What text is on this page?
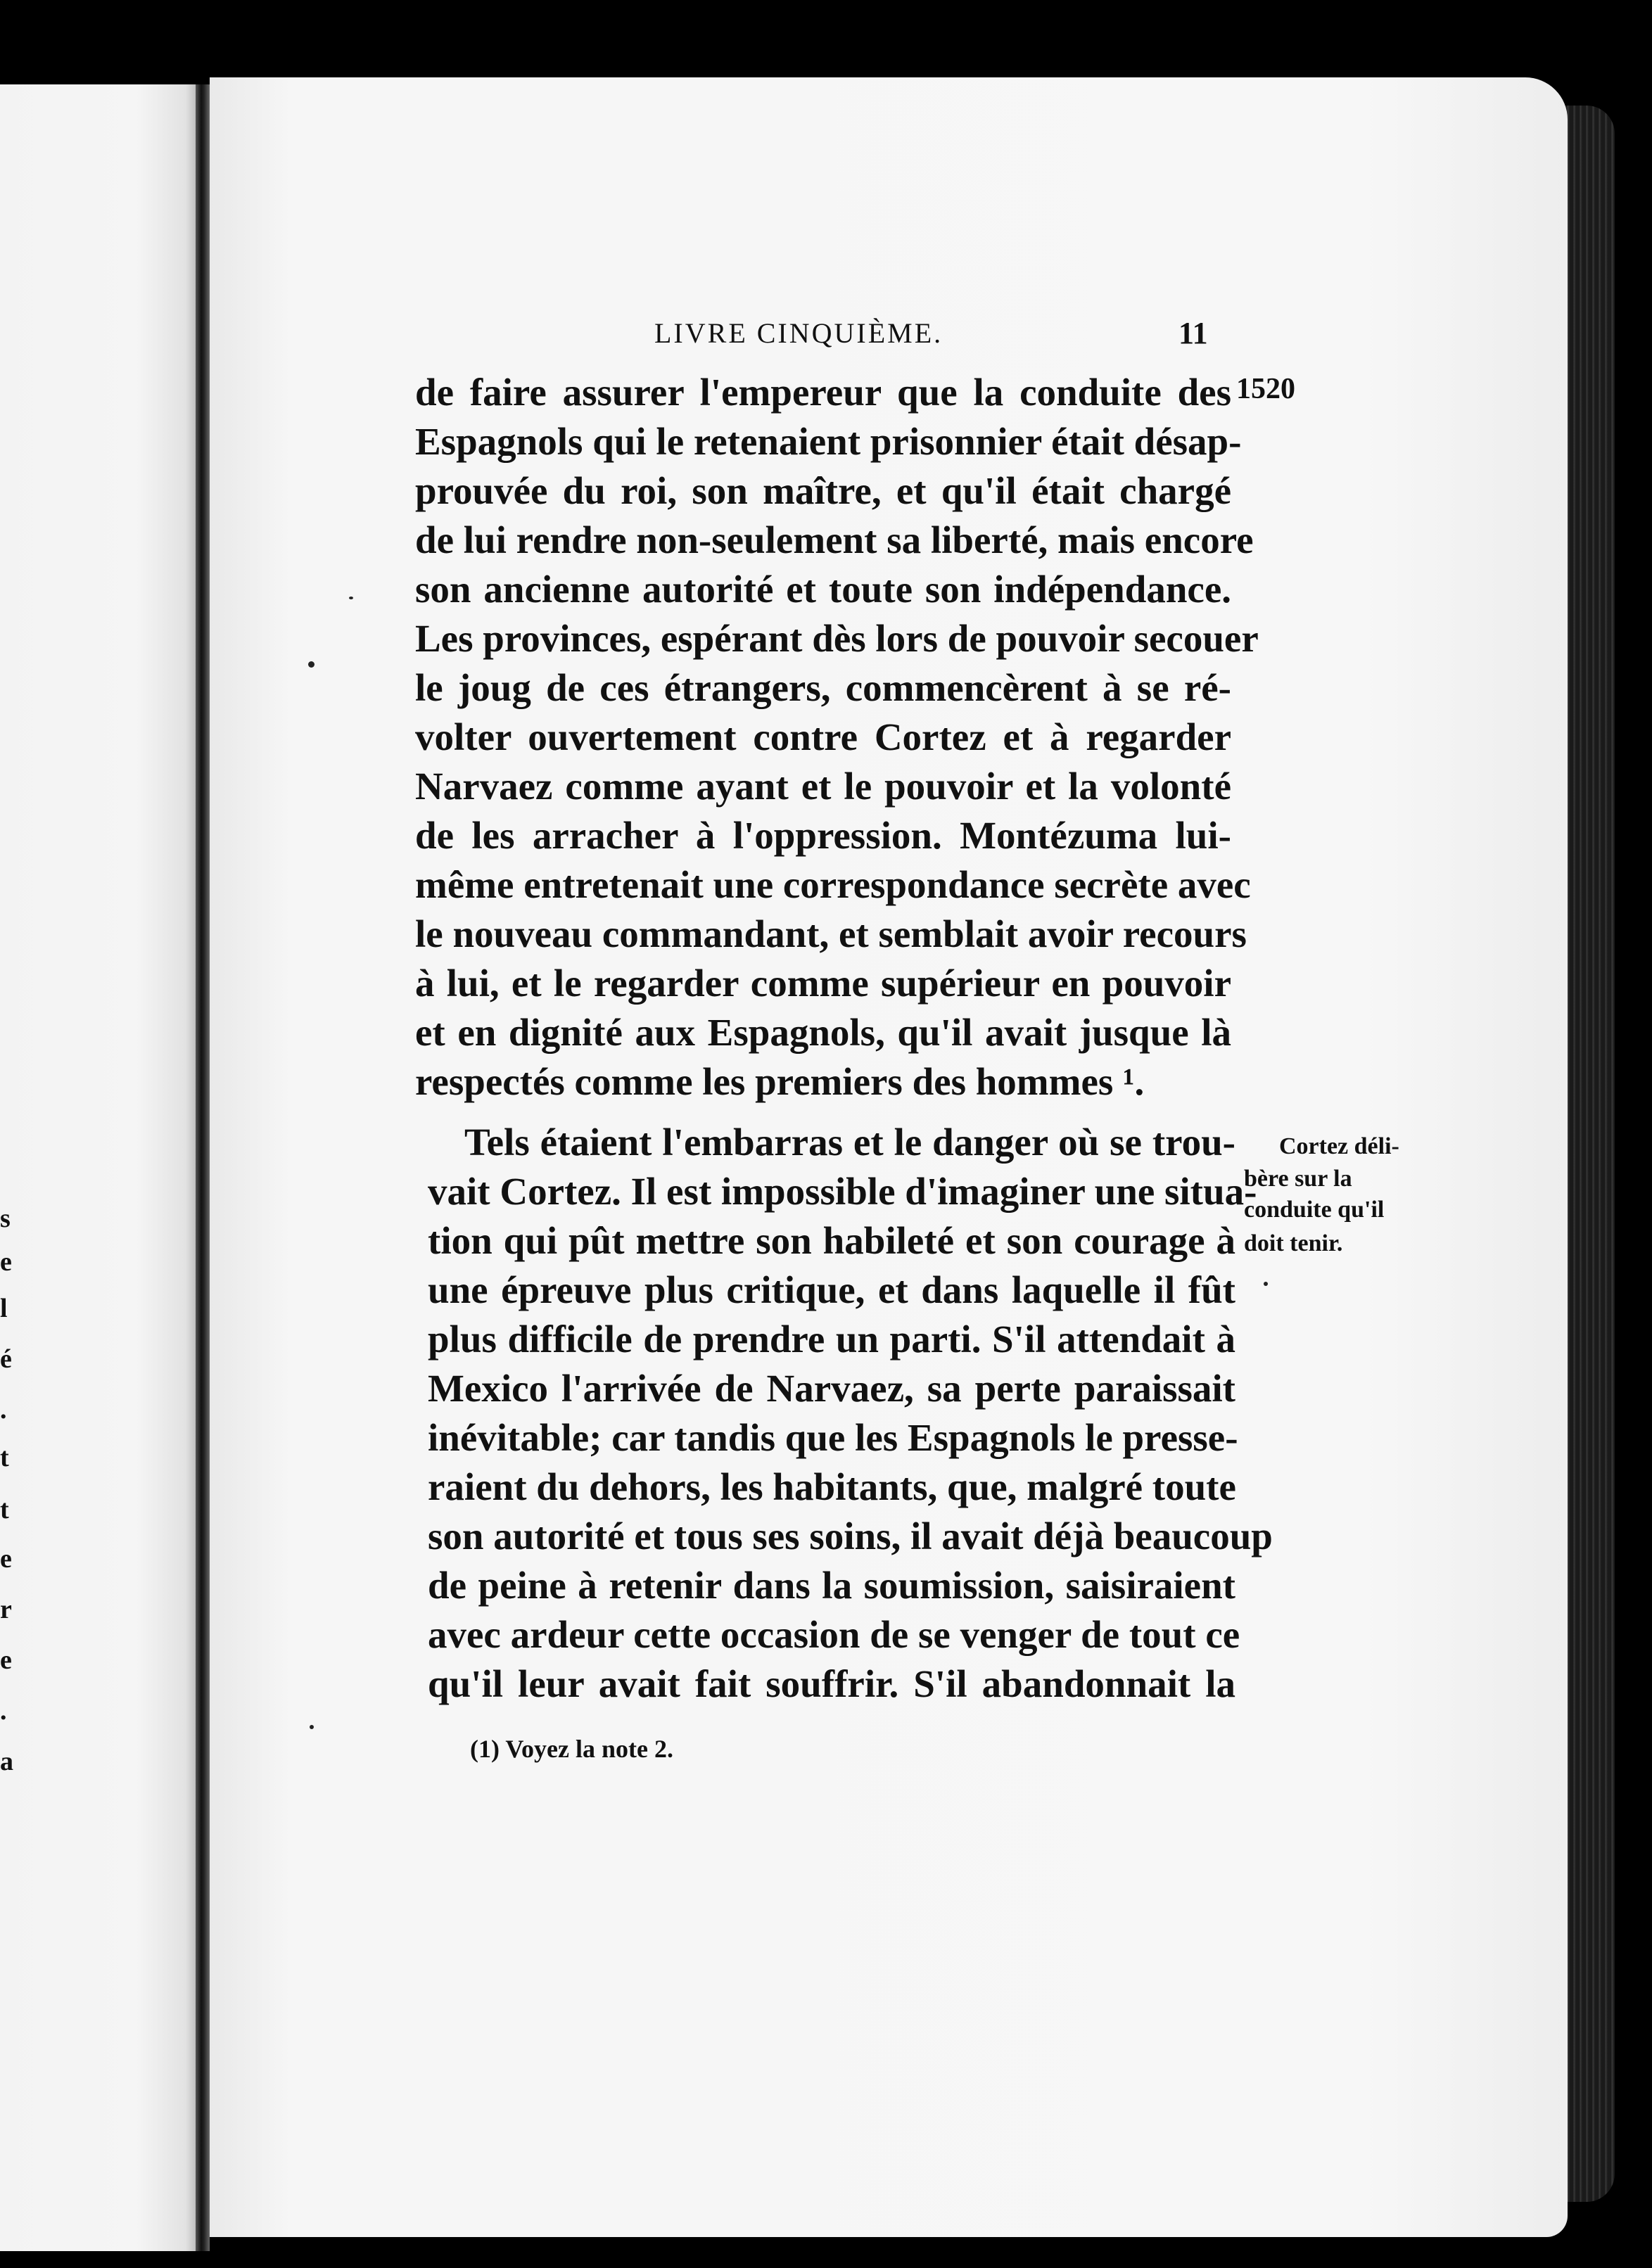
s
e
l
é
.
t
t
e
r
e
.
a
LIVRE CINQUIÈME.	11
1520
de faire assurer l'empereur que la conduite des
Espagnols qui le retenaient prisonnier était désap-
prouvée du roi, son maître, et qu'il était chargé
de lui rendre non-seulement sa liberté, mais encore
son ancienne autorité et toute son indépendance.
Les provinces, espérant dès lors de pouvoir secouer
le joug de ces étrangers, commencèrent à se ré-
volter ouvertement contre Cortez et à regarder
Narvaez comme ayant et le pouvoir et la volonté
de les arracher à l'oppression. Montézuma lui-
même entretenait une correspondance secrète avec
le nouveau commandant, et semblait avoir recours
à lui, et le regarder comme supérieur en pouvoir
et en dignité aux Espagnols, qu'il avait jusque là
respectés comme les premiers des hommes ¹.
Tels étaient l'embarras et le danger où se trou-
vait Cortez. Il est impossible d'imaginer une situa-
tion qui pût mettre son habileté et son courage à
une épreuve plus critique, et dans laquelle il fût
plus difficile de prendre un parti. S'il attendait à
Mexico l'arrivée de Narvaez, sa perte paraissait
inévitable; car tandis que les Espagnols le presse-
raient du dehors, les habitants, que, malgré toute
son autorité et tous ses soins, il avait déjà beaucoup
de peine à retenir dans la soumission, saisiraient
avec ardeur cette occasion de se venger de tout ce
qu'il leur avait fait souffrir. S'il abandonnait la
Cortez déli-
bère sur la
conduite qu'il
doit tenir.
(1) Voyez la note 2.
